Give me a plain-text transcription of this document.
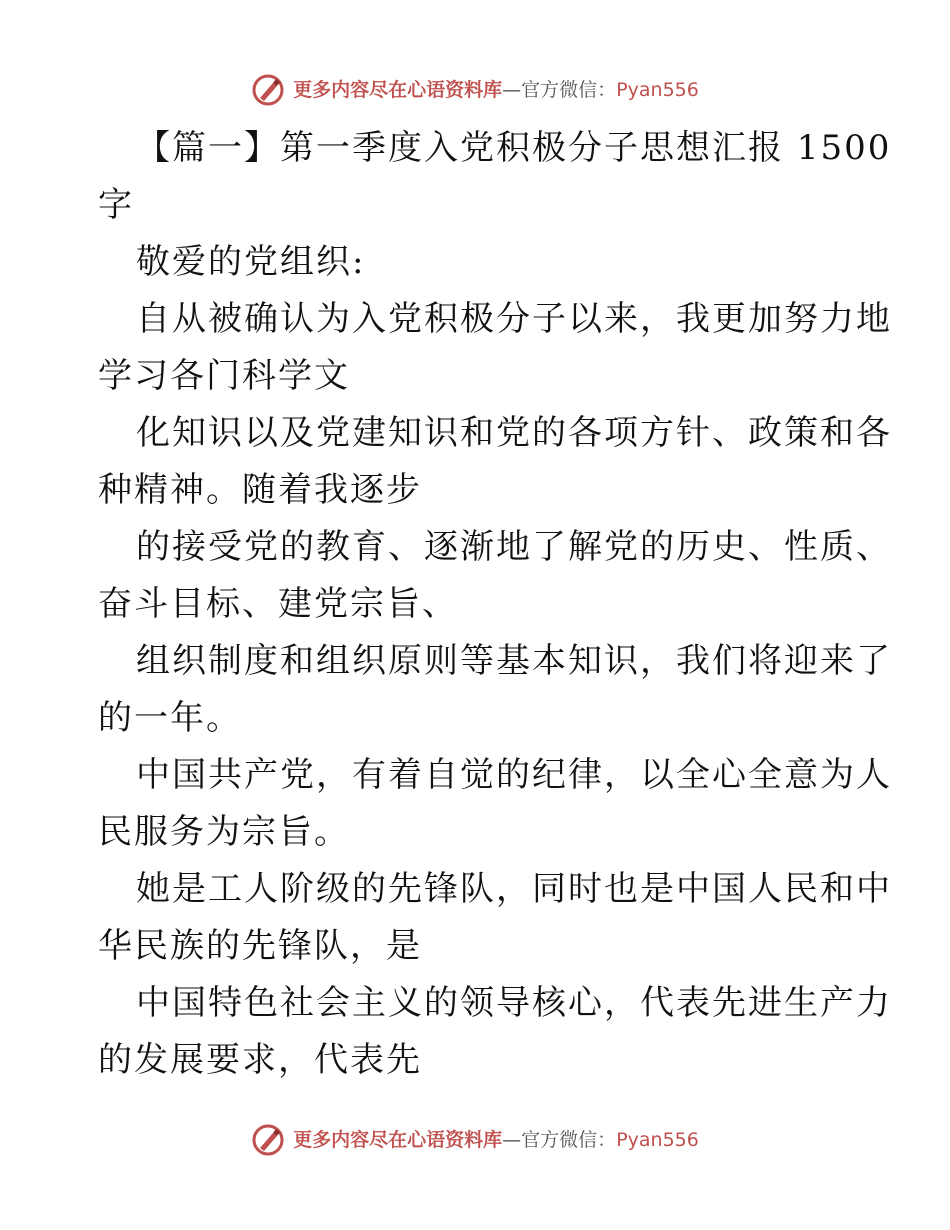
更多内容尽在心语资料库—官方微信：Pyan556
【篇一】第一季度入党积极分子思想汇报 1500
字
敬爱的党组织:
自从被确认为入党积极分子以来，我更加努力地
学习各门科学文
化知识以及党建知识和党的各项方针、政策和各
种精神。随着我逐步
的接受党的教育、逐渐地了解党的历史、性质、
奋斗目标、建党宗旨、
组织制度和组织原则等基本知识，我们将迎来了
的一年。
中国共产党，有着自觉的纪律，以全心全意为人
民服务为宗旨。
她是工人阶级的先锋队，同时也是中国人民和中
华民族的先锋队，是
中国特色社会主义的领导核心，代表先进生产力
的发展要求，代表先
更多内容尽在心语资料库—官方微信：Pyan556
